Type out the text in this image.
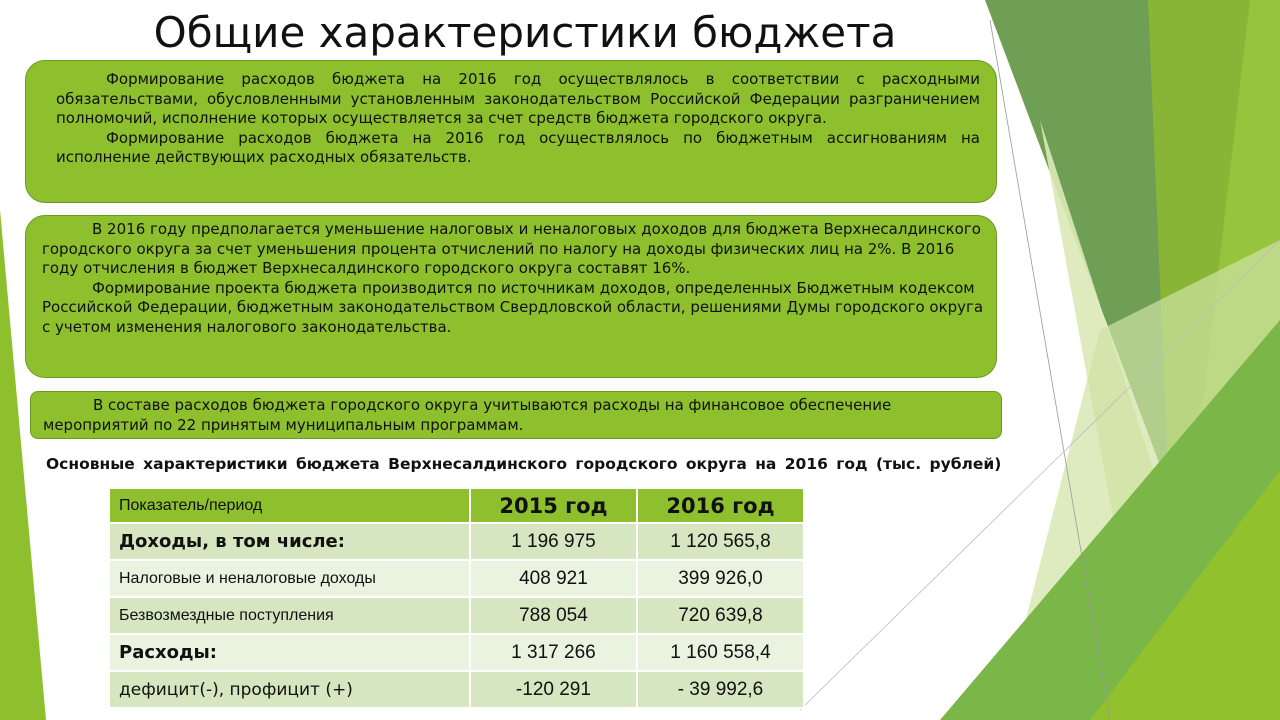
Общие характеристики бюджета

Формирование расходов бюджета на 2016 год осуществлялось в соответствии с расходными обязательствами, обусловленными установленным законодательством Российской Федерации разграничением полномочий, исполнение которых осуществляется за счет средств бюджета городского округа.

Формирование расходов бюджета на 2016 год осуществлялось по бюджетным ассигнованиям на исполнение действующих расходных обязательств.

В 2016 году предполагается уменьшение налоговых и неналоговых доходов для бюджета Верхнесалдинского городского округа за счет уменьшения процента отчислений по налогу на доходы физических лиц на 2%. В 2016 году отчисления в бюджет Верхнесалдинского городского округа составят 16%.

Формирование проекта бюджета производится по источникам доходов, определенных Бюджетным кодексом Российской Федерации, бюджетным законодательством Свердловской области, решениями Думы городского округа с учетом изменения налогового законодательства.

В составе расходов бюджета городского округа учитываются расходы на финансовое обеспечение мероприятий по 22 принятым муниципальным программам.

Основные характеристики бюджета Верхнесалдинского городского округа на 2016 год (тыс. рублей)
Показатель/период	2015 год	2016 год
Доходы, в том числе:	1 196 975	1 120 565,8
Налоговые и неналоговые доходы	408 921	399 926,0
Безвозмездные поступления	788 054	720 639,8
Расходы:	1 317 266	1 160 558,4
дефицит(-), профицит (+)	-120 291	- 39 992,6
